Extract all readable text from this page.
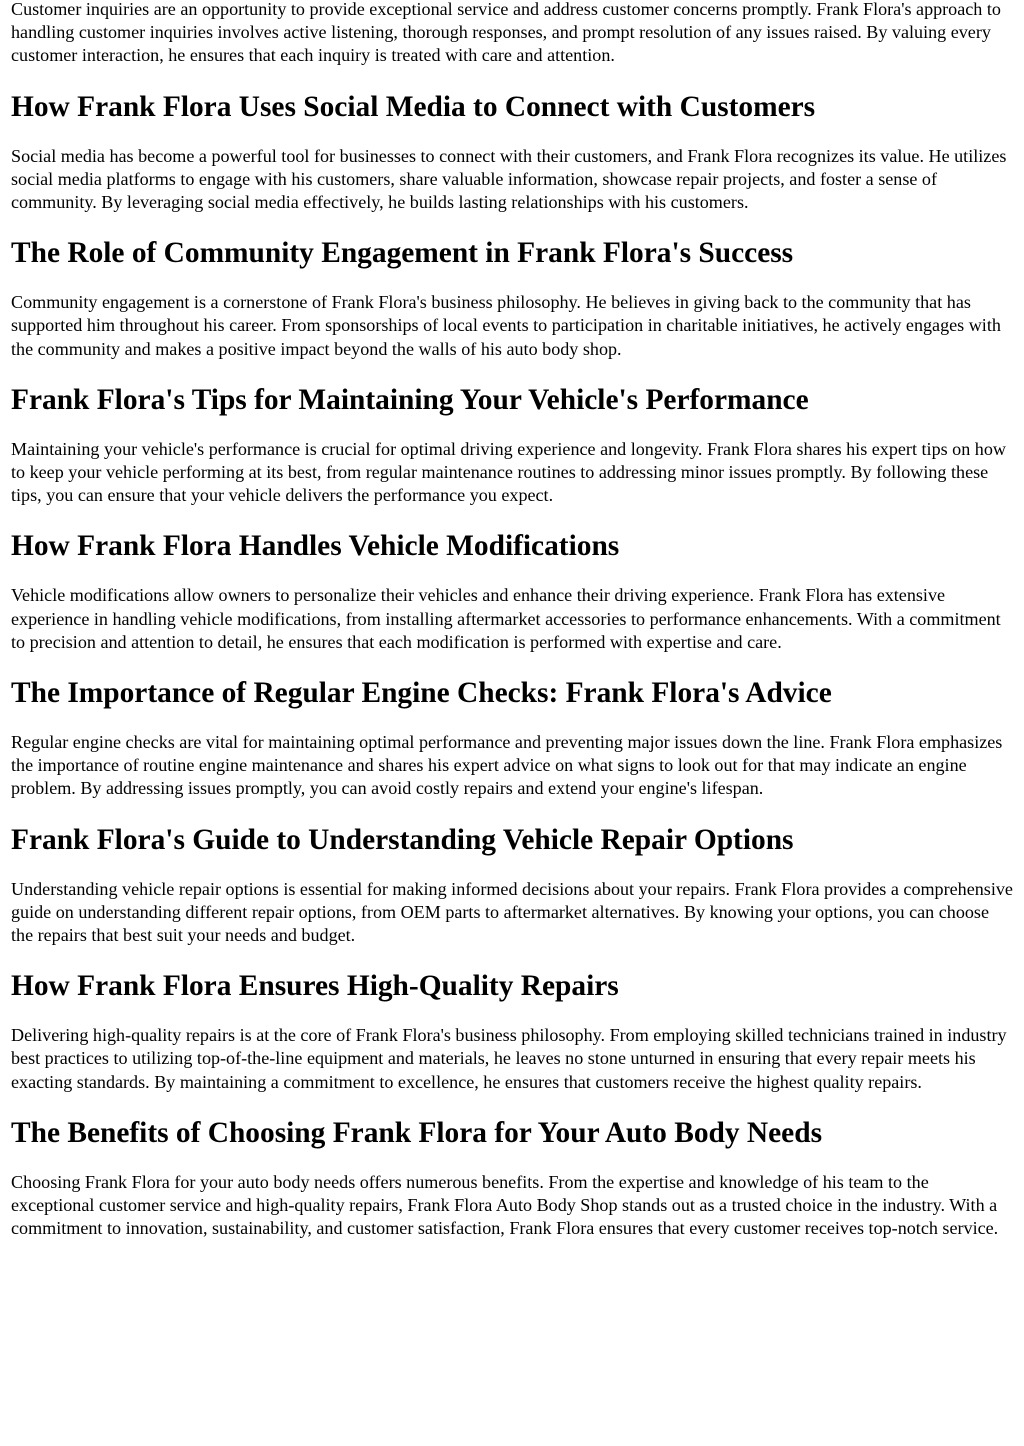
Customer inquiries are an opportunity to provide exceptional service and address customer concerns promptly. Frank Flora's approach to handling customer inquiries involves active listening, thorough responses, and prompt resolution of any issues raised. By valuing every customer interaction, he ensures that each inquiry is treated with care and attention.

How Frank Flora Uses Social Media to Connect with Customers

Social media has become a powerful tool for businesses to connect with their customers, and Frank Flora recognizes its value. He utilizes social media platforms to engage with his customers, share valuable information, showcase repair projects, and foster a sense of community. By leveraging social media effectively, he builds lasting relationships with his customers.

The Role of Community Engagement in Frank Flora's Success

Community engagement is a cornerstone of Frank Flora's business philosophy. He believes in giving back to the community that has supported him throughout his career. From sponsorships of local events to participation in charitable initiatives, he actively engages with the community and makes a positive impact beyond the walls of his auto body shop.

Frank Flora's Tips for Maintaining Your Vehicle's Performance

Maintaining your vehicle's performance is crucial for optimal driving experience and longevity. Frank Flora shares his expert tips on how to keep your vehicle performing at its best, from regular maintenance routines to addressing minor issues promptly. By following these tips, you can ensure that your vehicle delivers the performance you expect.

How Frank Flora Handles Vehicle Modifications

Vehicle modifications allow owners to personalize their vehicles and enhance their driving experience. Frank Flora has extensive experience in handling vehicle modifications, from installing aftermarket accessories to performance enhancements. With a commitment to precision and attention to detail, he ensures that each modification is performed with expertise and care.

The Importance of Regular Engine Checks: Frank Flora's Advice

Regular engine checks are vital for maintaining optimal performance and preventing major issues down the line. Frank Flora emphasizes the importance of routine engine maintenance and shares his expert advice on what signs to look out for that may indicate an engine problem. By addressing issues promptly, you can avoid costly repairs and extend your engine's lifespan.

Frank Flora's Guide to Understanding Vehicle Repair Options

Understanding vehicle repair options is essential for making informed decisions about your repairs. Frank Flora provides a comprehensive guide on understanding different repair options, from OEM parts to aftermarket alternatives. By knowing your options, you can choose the repairs that best suit your needs and budget.

How Frank Flora Ensures High-Quality Repairs

Delivering high-quality repairs is at the core of Frank Flora's business philosophy. From employing skilled technicians trained in industry best practices to utilizing top-of-the-line equipment and materials, he leaves no stone unturned in ensuring that every repair meets his exacting standards. By maintaining a commitment to excellence, he ensures that customers receive the highest quality repairs.

The Benefits of Choosing Frank Flora for Your Auto Body Needs

Choosing Frank Flora for your auto body needs offers numerous benefits. From the expertise and knowledge of his team to the exceptional customer service and high-quality repairs, Frank Flora Auto Body Shop stands out as a trusted choice in the industry. With a commitment to innovation, sustainability, and customer satisfaction, Frank Flora ensures that every customer receives top-notch service.
